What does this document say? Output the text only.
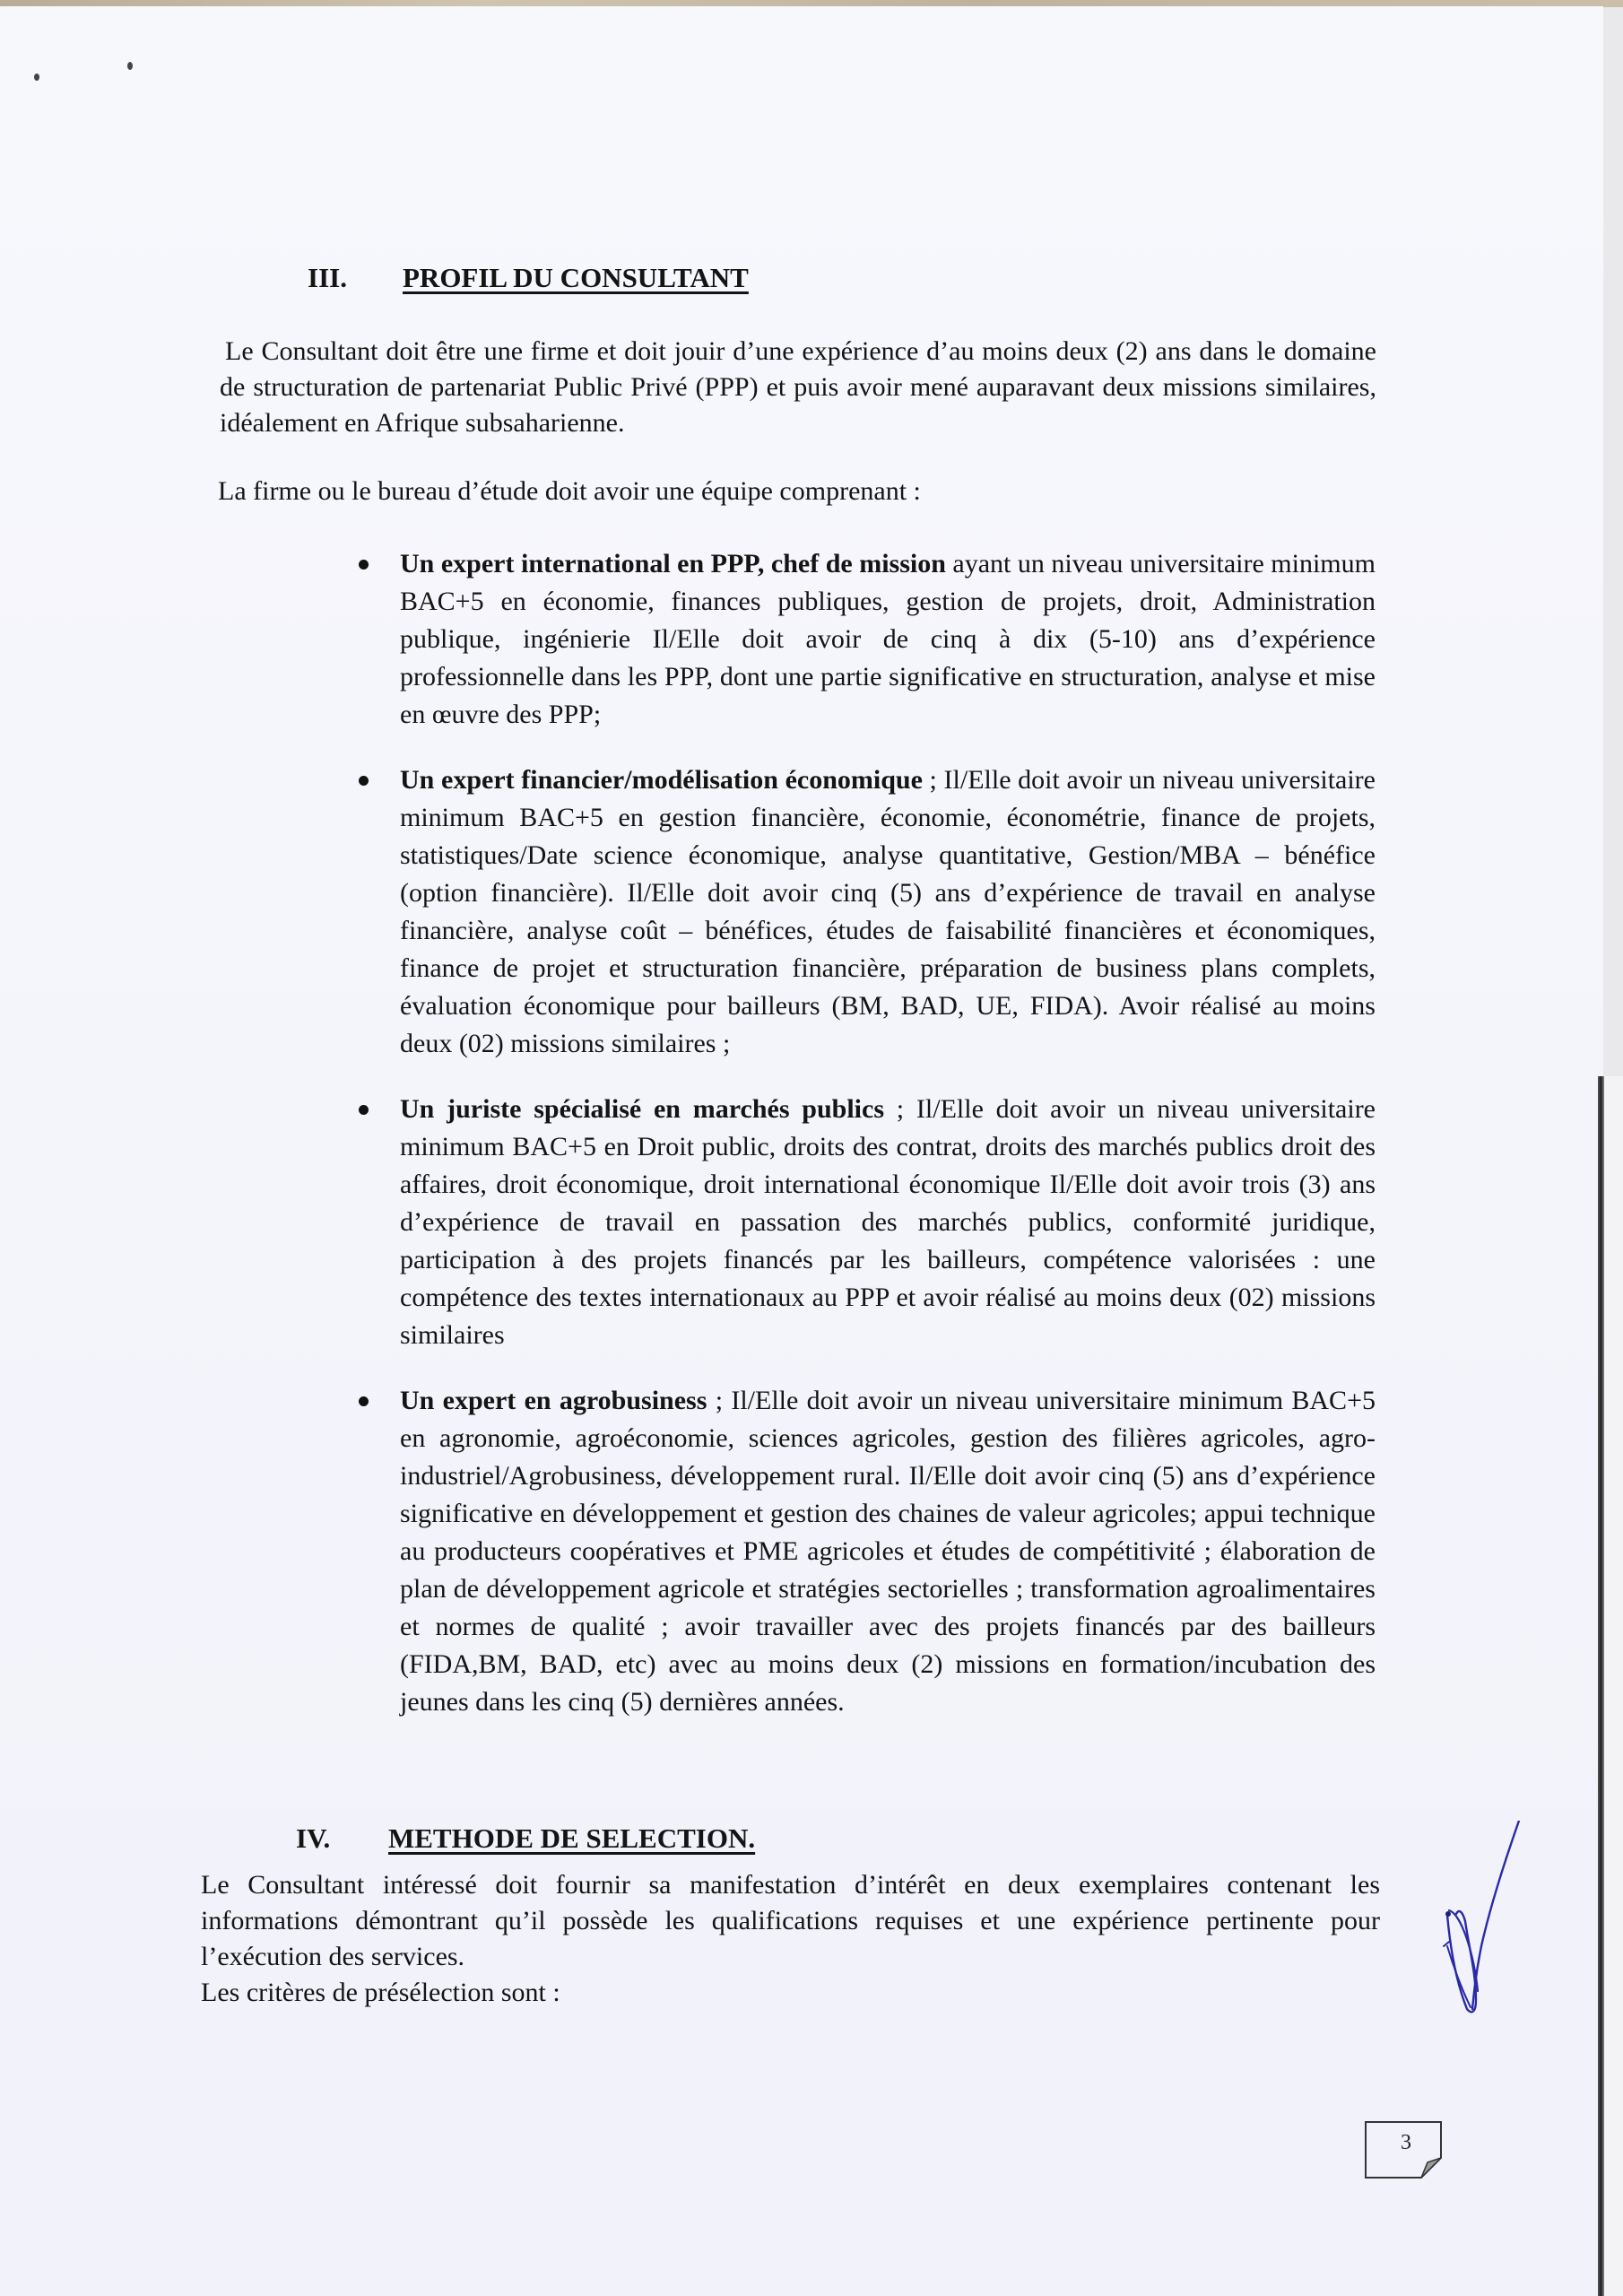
III. PROFIL DU CONSULTANT

Le Consultant doit être une firme et doit jouir d’une expérience d’au moins deux (2) ans dans le domaine de structuration de partenariat Public Privé (PPP) et puis avoir mené auparavant deux missions similaires, idéalement en Afrique subsaharienne.

La firme ou le bureau d’étude doit avoir une équipe comprenant :

Un expert international en PPP, chef de mission ayant un niveau universitaire minimum BAC+5 en économie, finances publiques, gestion de projets, droit, Administration publique, ingénierie Il/Elle doit avoir de cinq à dix (5-10) ans d’expérience professionnelle dans les PPP, dont une partie significative en structuration, analyse et mise en œuvre des PPP;
Un expert financier/modélisation économique ; Il/Elle doit avoir un niveau universitaire minimum BAC+5 en gestion financière, économie, économétrie, finance de projets, statistiques/Date science économique, analyse quantitative, Gestion/MBA – bénéfice (option financière). Il/Elle doit avoir cinq (5) ans d’expérience de travail en analyse financière, analyse coût – bénéfices, études de faisabilité financières et économiques, finance de projet et structuration financière, préparation de business plans complets, évaluation économique pour bailleurs (BM, BAD, UE, FIDA). Avoir réalisé au moins deux (02) missions similaires ;
Un juriste spécialisé en marchés publics ; Il/Elle doit avoir un niveau universitaire minimum BAC+5 en Droit public, droits des contrat, droits des marchés publics droit des affaires, droit économique, droit international économique Il/Elle doit avoir trois (3) ans d’expérience de travail en passation des marchés publics, conformité juridique, participation à des projets financés par les bailleurs, compétence valorisées : une compétence des textes internationaux au PPP et avoir réalisé au moins deux (02) missions similaires
Un expert en agrobusiness ; Il/Elle doit avoir un niveau universitaire minimum BAC+5 en agronomie, agroéconomie, sciences agricoles, gestion des filières agricoles, agro-industriel/Agrobusiness, développement rural. Il/Elle doit avoir cinq (5) ans d’expérience significative en développement et gestion des chaines de valeur agricoles; appui technique au producteurs coopératives et PME agricoles et études de compétitivité ; élaboration de plan de développement agricole et stratégies sectorielles ; transformation agroalimentaires et normes de qualité ; avoir travailler avec des projets financés par des bailleurs (FIDA,BM, BAD, etc) avec au moins deux (2) missions en formation/incubation des jeunes dans les cinq (5) dernières années.
IV. METHODE DE SELECTION.

Le Consultant intéressé doit fournir sa manifestation d’intérêt en deux exemplaires contenant les informations démontrant qu’il possède les qualifications requises et une expérience pertinente pour l’exécution des services.

Les critères de présélection sont :

3
